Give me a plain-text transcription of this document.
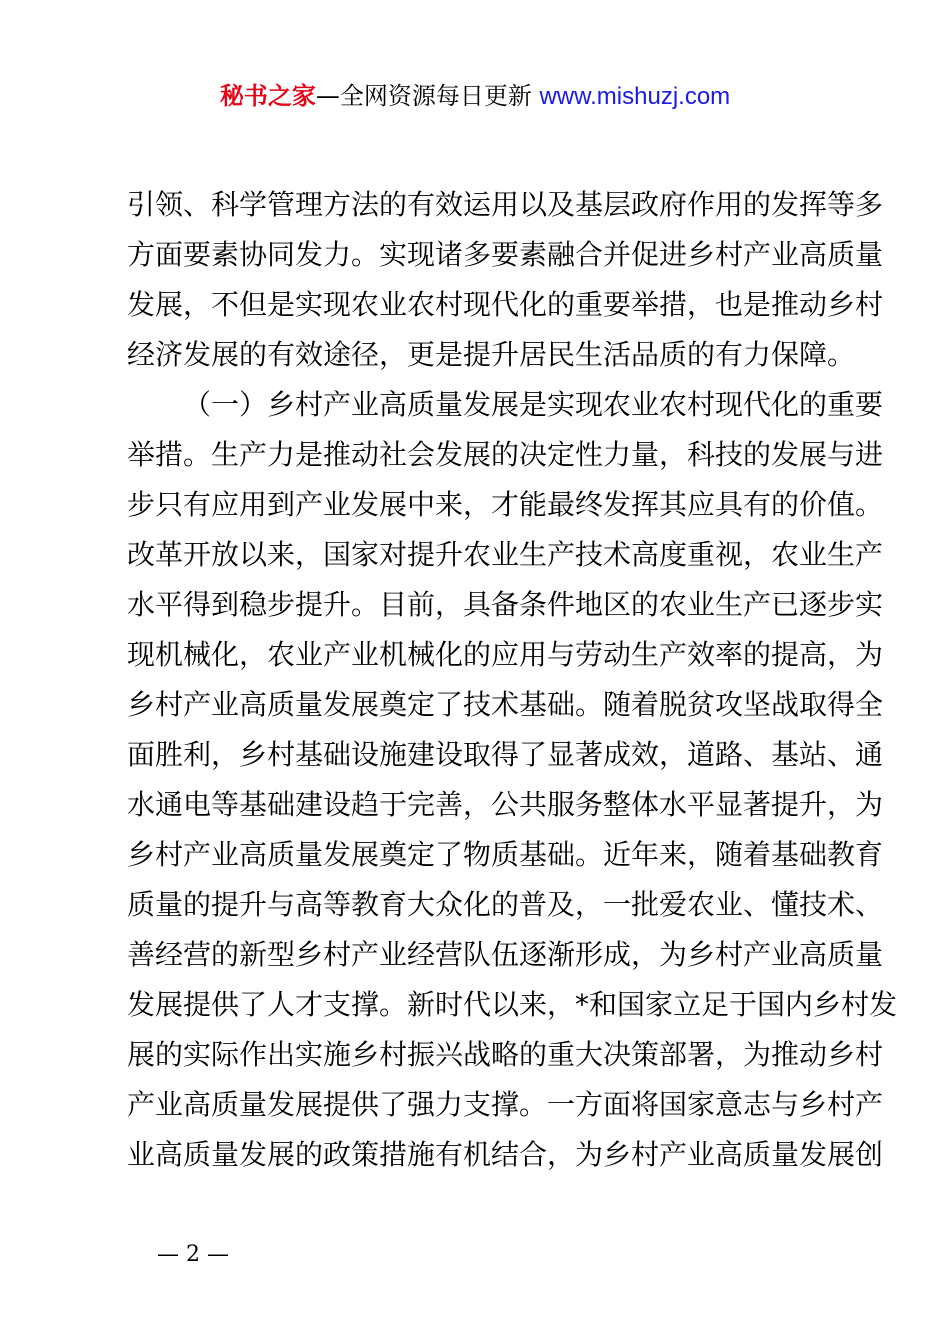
秘书之家—全网资源每日更新 www.mishuzj.com
引领、科学管理方法的有效运用以及基层政府作用的发挥等多
方面要素协同发力。实现诸多要素融合并促进乡村产业高质量
发展，不但是实现农业农村现代化的重要举措，也是推动乡村
经济发展的有效途径，更是提升居民生活品质的有力保障。
（一）乡村产业高质量发展是实现农业农村现代化的重要
举措。生产力是推动社会发展的决定性力量，科技的发展与进
步只有应用到产业发展中来，才能最终发挥其应具有的价值。
改革开放以来，国家对提升农业生产技术高度重视，农业生产
水平得到稳步提升。目前，具备条件地区的农业生产已逐步实
现机械化，农业产业机械化的应用与劳动生产效率的提高，为
乡村产业高质量发展奠定了技术基础。随着脱贫攻坚战取得全
面胜利，乡村基础设施建设取得了显著成效，道路、基站、通
水通电等基础建设趋于完善，公共服务整体水平显著提升，为
乡村产业高质量发展奠定了物质基础。近年来，随着基础教育
质量的提升与高等教育大众化的普及，一批爱农业、懂技术、
善经营的新型乡村产业经营队伍逐渐形成，为乡村产业高质量
发展提供了人才支撑。新时代以来，*和国家立足于国内乡村发
展的实际作出实施乡村振兴战略的重大决策部署，为推动乡村
产业高质量发展提供了强力支撑。一方面将国家意志与乡村产
业高质量发展的政策措施有机结合，为乡村产业高质量发展创
— 2 —
